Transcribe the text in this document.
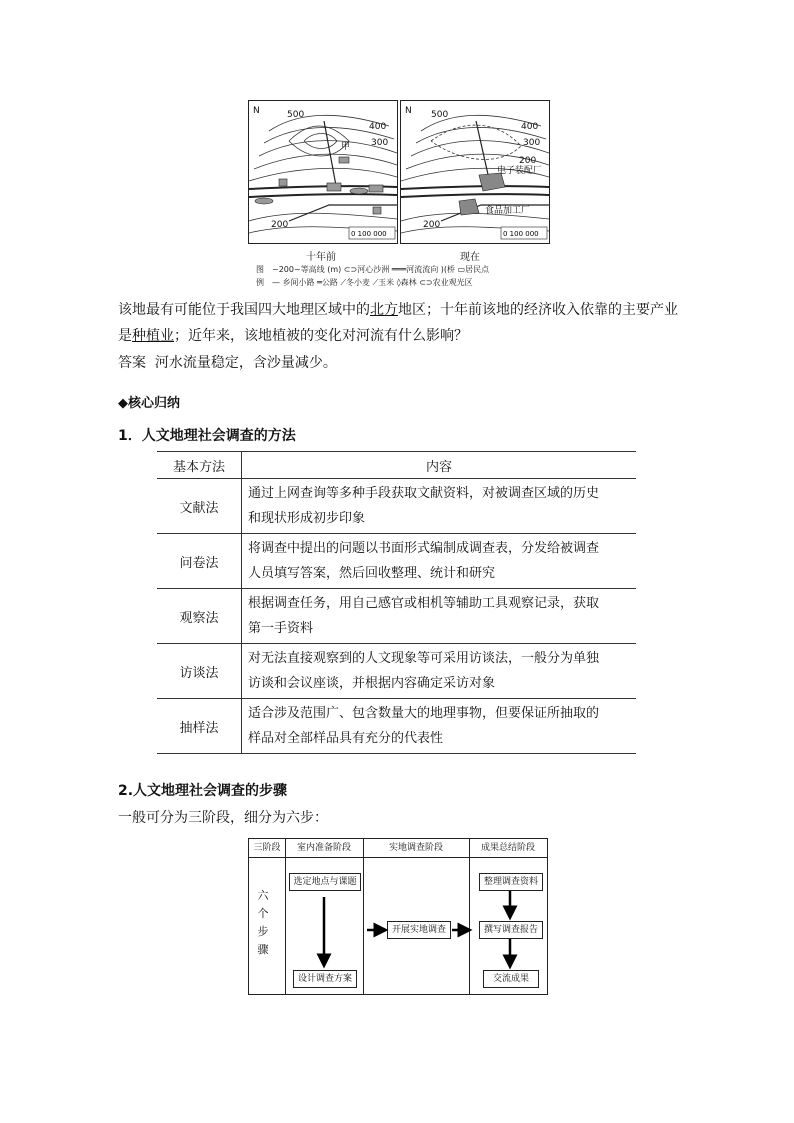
500
400
300
200
甲
N
0 100 000
500
400
300
200
200
电子装配厂
食品加工厂
N
0 100 000
十年前	现在
图
例
~200~等高线 (m) ⊂⊃河心沙洲 ═══河流流向 )(桥 ▭居民点
— 乡间小路 ═公路 ⟋冬小麦 ⟋玉米 ◊森林 ⊂⊃农业观光区
该地最有可能位于我国四大地理区域中的北方地区；十年前该地的经济收入依靠的主要产业
是种植业；近年来，该地植被的变化对河流有什么影响？
答案 河水流量稳定，含沙量减少。
◆核心归纳
1．人文地理社会调查的方法
基本方法	内容
文献法	通过上网查询等多种手段获取文献资料，对被调查区域的历史
和现状形成初步印象
问卷法	将调查中提出的问题以书面形式编制成调查表，分发给被调查
人员填写答案，然后回收整理、统计和研究
观察法	根据调查任务，用自己感官或相机等辅助工具观察记录，获取
第一手资料
访谈法	对无法直接观察到的人文现象等可采用访谈法，一般分为单独
访谈和会议座谈，并根据内容确定采访对象
抽样法	适合涉及范围广、包含数量大的地理事物，但要保证所抽取的
样品对全部样品具有充分的代表性
2.人文地理社会调查的步骤
一般可分为三阶段，细分为六步：
三阶段	室内准备阶段	实地调查阶段	成果总结阶段
六
个
步
骤
选定地点与课题
设计调查方案
开展实地调查
整理调查资料
撰写调查报告
交流成果
